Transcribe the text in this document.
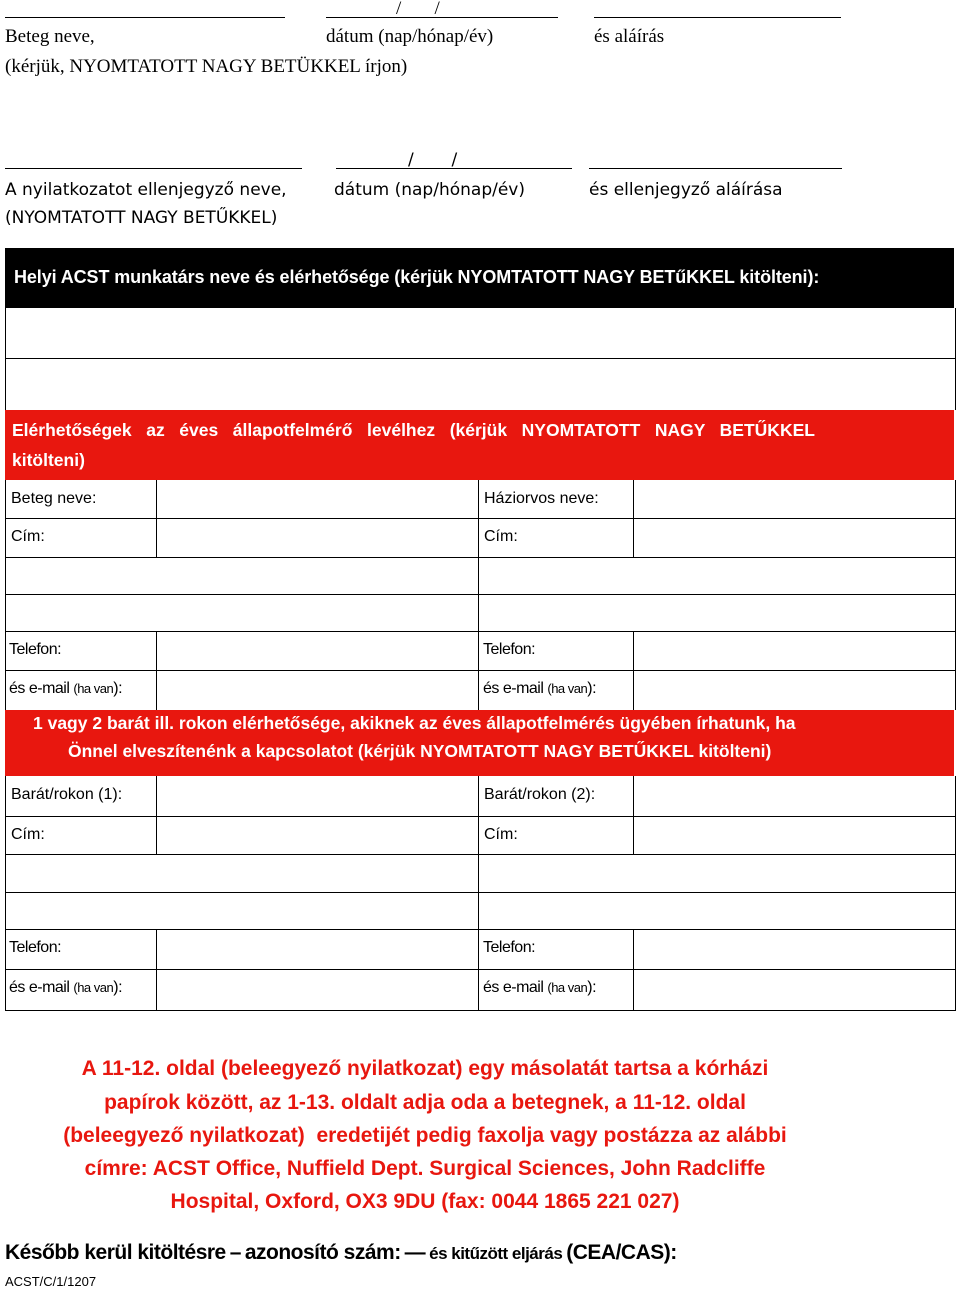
/       /
Beteg neve,	dátum (nap/hónap/év)	és aláírás
(kérjük, NYOMTATOTT NAGY BETÜKKEL írjon)
/       /
A nyilatkozatot ellenjegyző neve,	dátum (nap/hónap/év)	és ellenjegyző aláírása
(NYOMTATOTT NAGY BETŰKKEL)
Helyi ACST munkatárs neve és elérhetősége (kérjük NYOMTATOTT NAGY BETűKKEL kitölteni):
Elérhetőségek   az   éves   állapotfelmérő   levélhez   (kérjük   NYOMTATOTT   NAGY   BETŰKKEL
kitölteni)
Beteg neve:	Háziorvos neve:
Cím:	Cím:
Telefon:	Telefon:
és e-mail (ha van):	és e-mail (ha van):
1 vagy 2 barát ill. rokon elérhetősége, akiknek az éves állapotfelmérés ügyében írhatunk, ha
Önnel elveszítenénk a kapcsolatot (kérjük NYOMTATOTT NAGY BETŰKKEL kitölteni)
Barát/rokon (1):	Barát/rokon (2):
Cím:	Cím:
Telefon:	Telefon:
és e-mail (ha van):	és e-mail (ha van):
A 11-12. oldal (beleegyező nyilatkozat) egy másolatát tartsa a kórházi
papírok között, az 1-13. oldalt adja oda a betegnek, a 11-12. oldal
(beleegyező nyilatkozat)  eredetijét pedig faxolja vagy postázza az alábbi
címre: ACST Office, Nuffield Dept. Surgical Sciences, John Radcliffe
Hospital, Oxford, OX3 9DU (fax: 0044 1865 221 027)
Később kerül kitöltésre – azonosító szám: — és kitűzött eljárás (CEA/CAS):
ACST/C/1/1207
